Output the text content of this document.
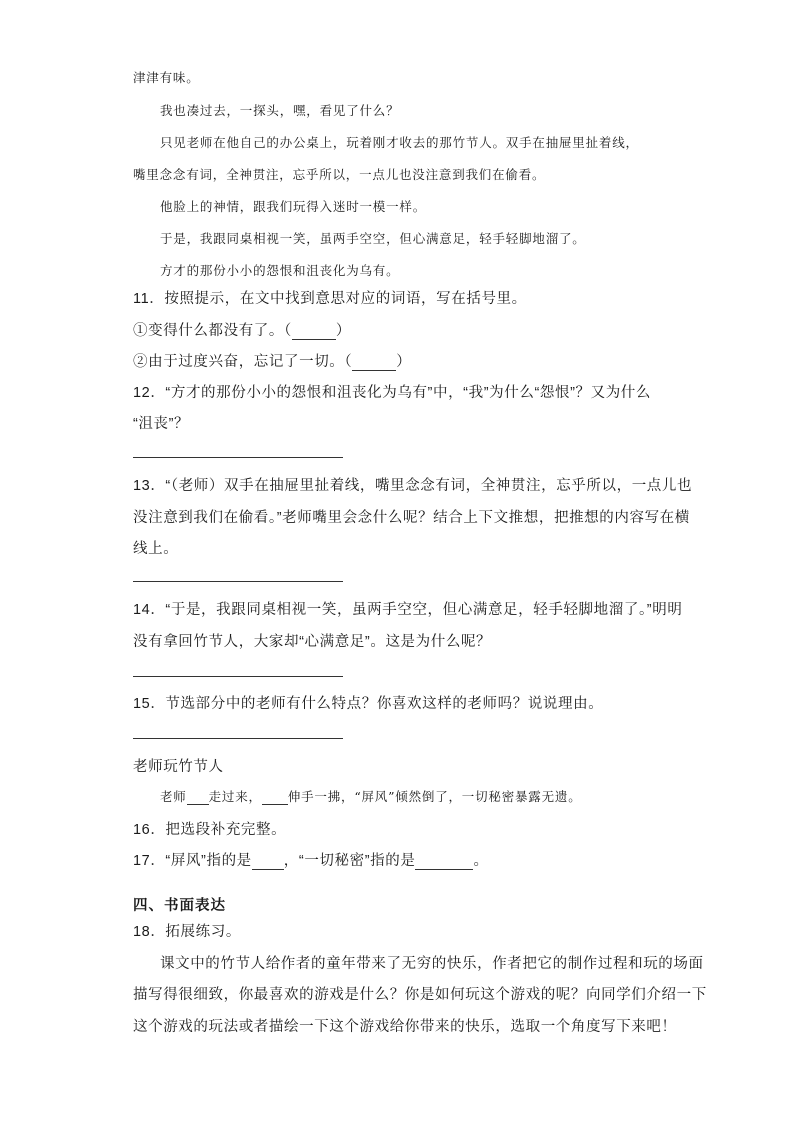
津津有味。
我也凑过去，一探头，嘿，看见了什么？
只见老师在他自己的办公桌上，玩着刚才收去的那竹节人。双手在抽屉里扯着线，
嘴里念念有词，全神贯注，忘乎所以，一点儿也没注意到我们在偷看。
他脸上的神情，跟我们玩得入迷时一模一样。
于是，我跟同桌相视一笑，虽两手空空，但心满意足，轻手轻脚地溜了。
方才的那份小小的怨恨和沮丧化为乌有。
11．按照提示，在文中找到意思对应的词语，写在括号里。
①变得什么都没有了。（	）
②由于过度兴奋，忘记了一切。（	）
12．“方才的那份小小的怨恨和沮丧化为乌有”中，“我”为什么“怨恨”？又为什么
“沮丧”？
13．“（老师）双手在抽屉里扯着线，嘴里念念有词，全神贯注，忘乎所以，一点儿也
没注意到我们在偷看。”老师嘴里会念什么呢？结合上下文推想，把推想的内容写在横
线上。
14．“于是，我跟同桌相视一笑，虽两手空空，但心满意足，轻手轻脚地溜了。”明明
没有拿回竹节人，大家却“心满意足”。这是为什么呢？
15．节选部分中的老师有什么特点？你喜欢这样的老师吗？说说理由。
老师玩竹节人
老师 走过来， 伸手一拂，“屏风”倾然倒了，一切秘密暴露无遗。
16．把选段补充完整。
17．“屏风”指的是 ，“一切秘密”指的是	。
四、书面表达
18．拓展练习。
课文中的竹节人给作者的童年带来了无穷的快乐，作者把它的制作过程和玩的场面
描写得很细致，你最喜欢的游戏是什么？你是如何玩这个游戏的呢？向同学们介绍一下
这个游戏的玩法或者描绘一下这个游戏给你带来的快乐，选取一个角度写下来吧！
